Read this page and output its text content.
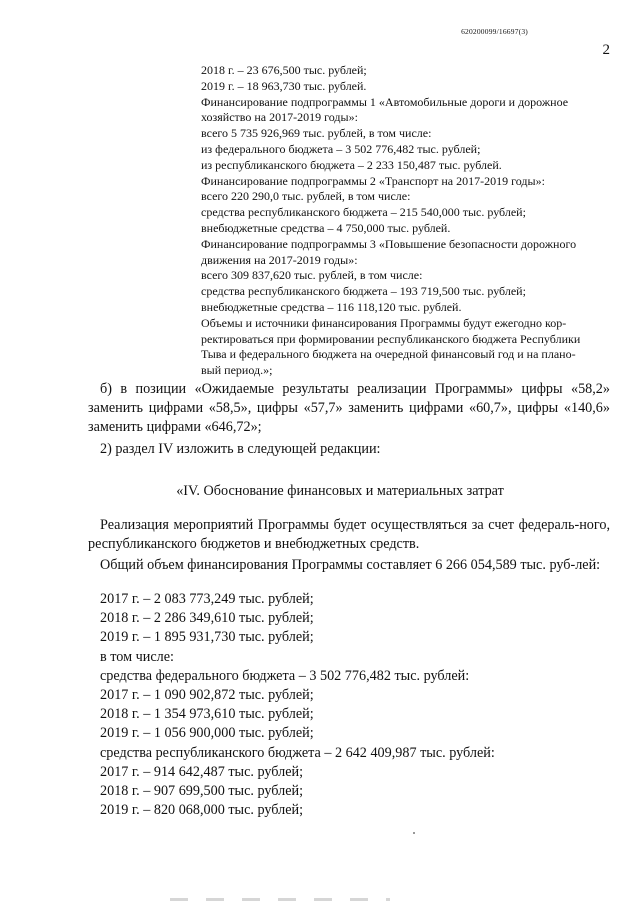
620200099/16697(3)
2
2018 г. – 23 676,500 тыс. рублей;
2019 г. – 18 963,730 тыс. рублей.
Финансирование подпрограммы 1 «Автомобильные дороги и дорожное
хозяйство на 2017-2019 годы»:
всего 5 735 926,969 тыс. рублей, в том числе:
из федерального бюджета – 3 502 776,482 тыс. рублей;
из республиканского бюджета – 2 233 150,487 тыс. рублей.
Финансирование подпрограммы 2 «Транспорт на 2017-2019 годы»:
всего 220 290,0 тыс. рублей, в том числе:
средства республиканского бюджета – 215 540,000 тыс. рублей;
внебюджетные средства – 4 750,000 тыс. рублей.
Финансирование подпрограммы 3 «Повышение безопасности дорожного
движения на 2017-2019 годы»:
всего 309 837,620 тыс. рублей, в том числе:
средства республиканского бюджета – 193 719,500 тыс. рублей;
внебюджетные средства – 116 118,120 тыс. рублей.
Объемы и источники финансирования Программы будут ежегодно кор-
ректироваться при формировании республиканского бюджета Республики
Тыва и федерального бюджета на очередной финансовый год и на плано-
вый период.»;
б) в позиции «Ожидаемые результаты реализации Программы» цифры «58,2» заменить цифрами «58,5», цифры «57,7» заменить цифрами «60,7», цифры «140,6» заменить цифрами «646,72»;
2) раздел IV изложить в следующей редакции:
«IV. Обоснование финансовых и материальных затрат
Реализация мероприятий Программы будет осуществляться за счет федераль-ного, республиканского бюджетов и внебюджетных средств.
Общий объем финансирования Программы составляет 6 266 054,589 тыс. руб-лей:
2017 г. – 2 083 773,249 тыс. рублей;
2018 г. – 2 286 349,610 тыс. рублей;
2019 г. – 1 895 931,730 тыс. рублей;
в том числе:
средства федерального бюджета – 3 502 776,482 тыс. рублей:
2017 г. – 1 090 902,872 тыс. рублей;
2018 г. – 1 354 973,610 тыс. рублей;
2019 г. – 1 056 900,000 тыс. рублей;
средства республиканского бюджета – 2 642 409,987 тыс. рублей:
2017 г. – 914 642,487 тыс. рублей;
2018 г. – 907 699,500 тыс. рублей;
2019 г. – 820 068,000 тыс. рублей;
